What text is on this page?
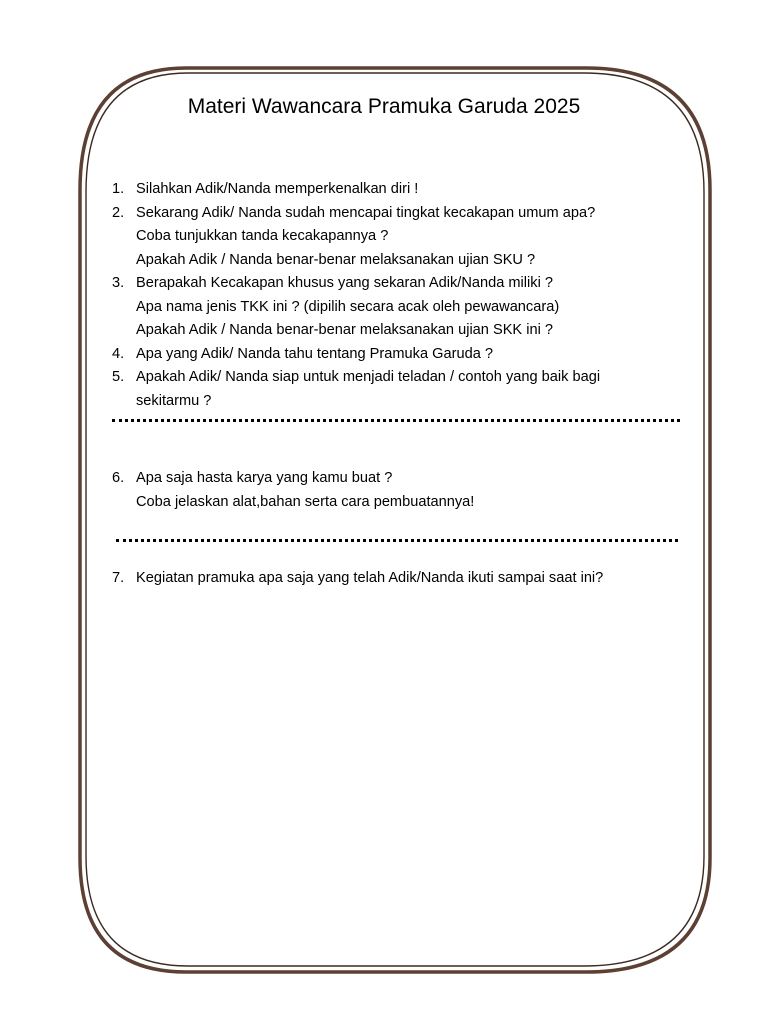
Materi Wawancara Pramuka Garuda 2025
1. Silahkan Adik/Nanda memperkenalkan diri !
2. Sekarang Adik/ Nanda sudah mencapai tingkat kecakapan umum apa?
Coba tunjukkan tanda kecakapannya ?
Apakah Adik / Nanda benar-benar melaksanakan ujian SKU ?
3. Berapakah Kecakapan khusus yang sekaran Adik/Nanda miliki ?
Apa nama jenis TKK ini ? (dipilih secara acak oleh pewawancara)
Apakah Adik / Nanda benar-benar melaksanakan ujian SKK ini ?
4. Apa yang Adik/ Nanda tahu tentang Pramuka Garuda ?
5. Apakah Adik/ Nanda siap untuk menjadi teladan / contoh yang baik bagi
sekitarmu ?
6. Apa saja hasta karya yang kamu buat ?
Coba jelaskan alat,bahan serta cara pembuatannya!
7. Kegiatan pramuka apa saja yang telah Adik/Nanda ikuti sampai saat ini?
